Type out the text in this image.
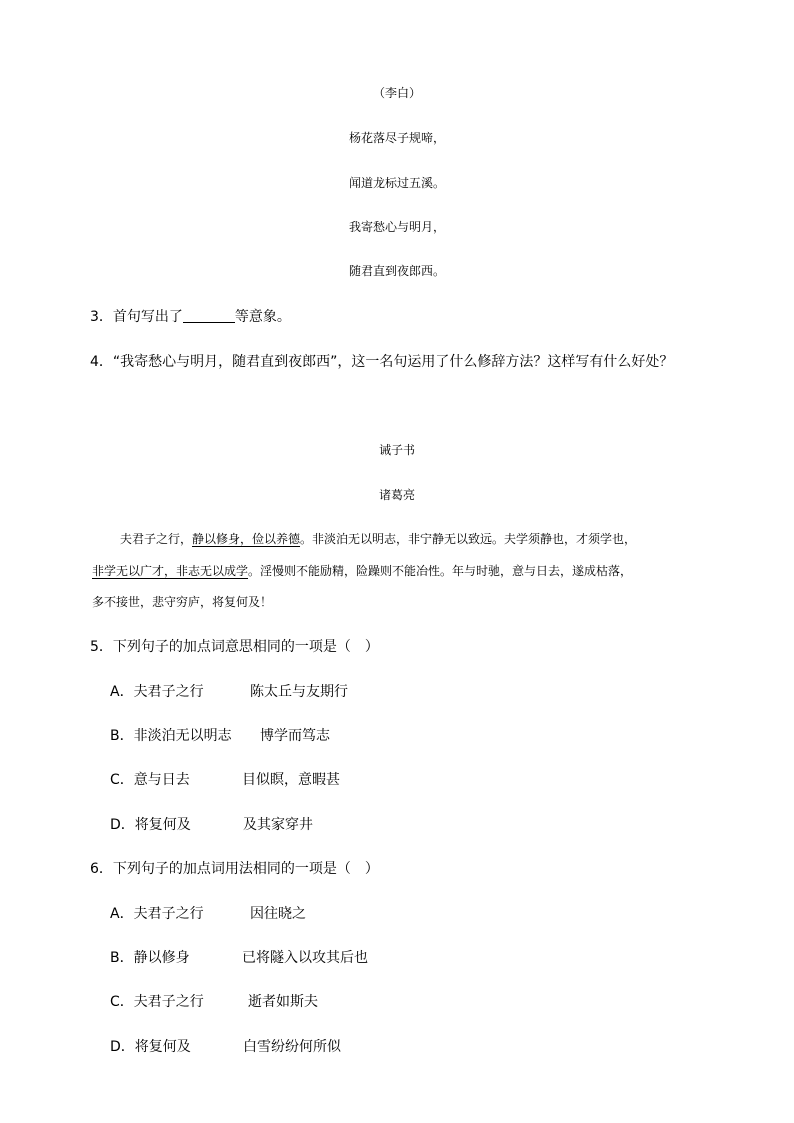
（李白）
杨花落尽子规啼，
闻道龙标过五溪。
我寄愁心与明月，
随君直到夜郎西。
3．首句写出了	等意象。
4．“我寄愁心与明月，随君直到夜郎西”，这一名句运用了什么修辞方法？这样写有什么好处？
诫子书
诸葛亮
夫君子之行，静以修身，俭以养德。非淡泊无以明志，非宁静无以致远。夫学须静也，才须学也，
非学无以广才，非志无以成学。淫慢则不能励精，险躁则不能冶性。年与时驰，意与日去，遂成枯落，
多不接世，悲守穷庐，将复何及！
5．下列句子的加点词意思相同的一项是（　）
A．夫君子之行	陈太丘与友期行
B．非淡泊无以明志 博学而笃志
C．意与日去	目似瞑，意暇甚
D．将复何及	及其家穿井
6．下列句子的加点词用法相同的一项是（　）
A．夫君子之行	因往晓之
B．静以修身	已将隧入以攻其后也
C．夫君子之行	逝者如斯夫
D．将复何及	白雪纷纷何所似
